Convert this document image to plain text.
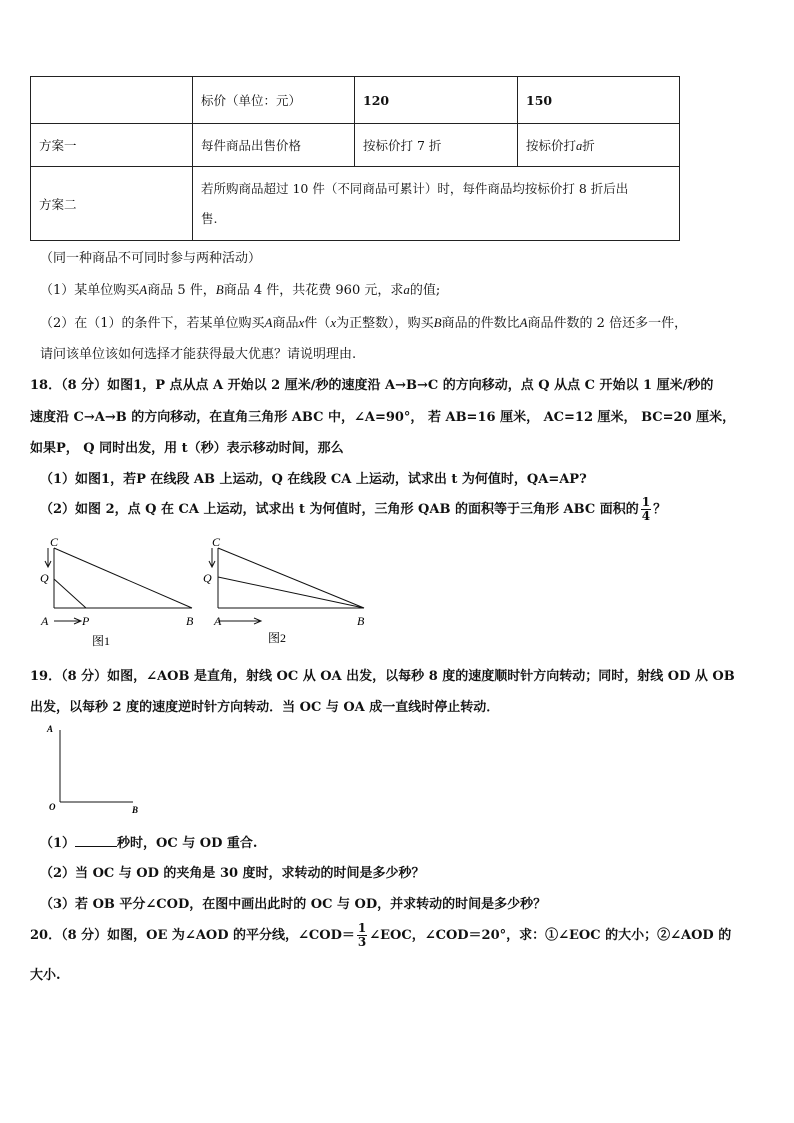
	标价（单位：元）	120	150
方案一	每件商品出售价格	按标价打 7 折	按标价打a折
方案二	若所购商品超过 10 件（不同商品可累计）时，每件商品均按标价打 8 折后出
售.		
（同一种商品不可同时参与两种活动）
（1）某单位购买A商品 5 件，B商品 4 件，共花费 960 元，求a的值;
（2）在（1）的条件下，若某单位购买A商品x件（x为正整数），购买B商品的件数比A商品件数的 2 倍还多一件，
请问该单位该如何选择才能获得最大优惠？请说明理由.
18．（8 分）如图1，P 点从点 A 开始以 2 厘米/秒的速度沿 A→B→C 的方向移动，点 Q 从点 C 开始以 1 厘米/秒的
速度沿 C→A→B 的方向移动，在直角三角形 ABC 中，∠A=90°， 若 AB=16 厘米， AC=12 厘米， BC=20 厘米，
如果P， Q 同时出发，用 t（秒）表示移动时间，那么
（1）如图1，若P 在线段 AB 上运动，Q 在线段 CA 上运动，试求出 t 为何值时，QA=AP?
（2）如图 2，点 Q 在 CA 上运动，试求出 t 为何值时，三角形 QAB 的面积等于三角形 ABC 面积的 $\frac{1}{4}$ ？
C
Q
A	P	B
图1
C
Q
A	B
图2
19．（8 分）如图，∠AOB 是直角，射线 OC 从 OA 出发，以每秒 8 度的速度顺时针方向转动；同时，射线 OD 从 OB
出发，以每秒 2 度的速度逆时针方向转动．当 OC 与 OA 成一直线时停止转动．
A
O	B
（1）	秒时，OC 与 OD 重合.
（2）当 OC 与 OD 的夹角是 30 度时，求转动的时间是多少秒？
（3）若 OB 平分∠COD，在图中画出此时的 OC 与 OD，并求转动的时间是多少秒？
20．（8 分）如图，OE 为∠AOD 的平分线，∠COD＝ $\frac{1}{3}$ ∠EOC，∠COD＝20°，求：①∠EOC 的大小；②∠AOD 的
大小.
